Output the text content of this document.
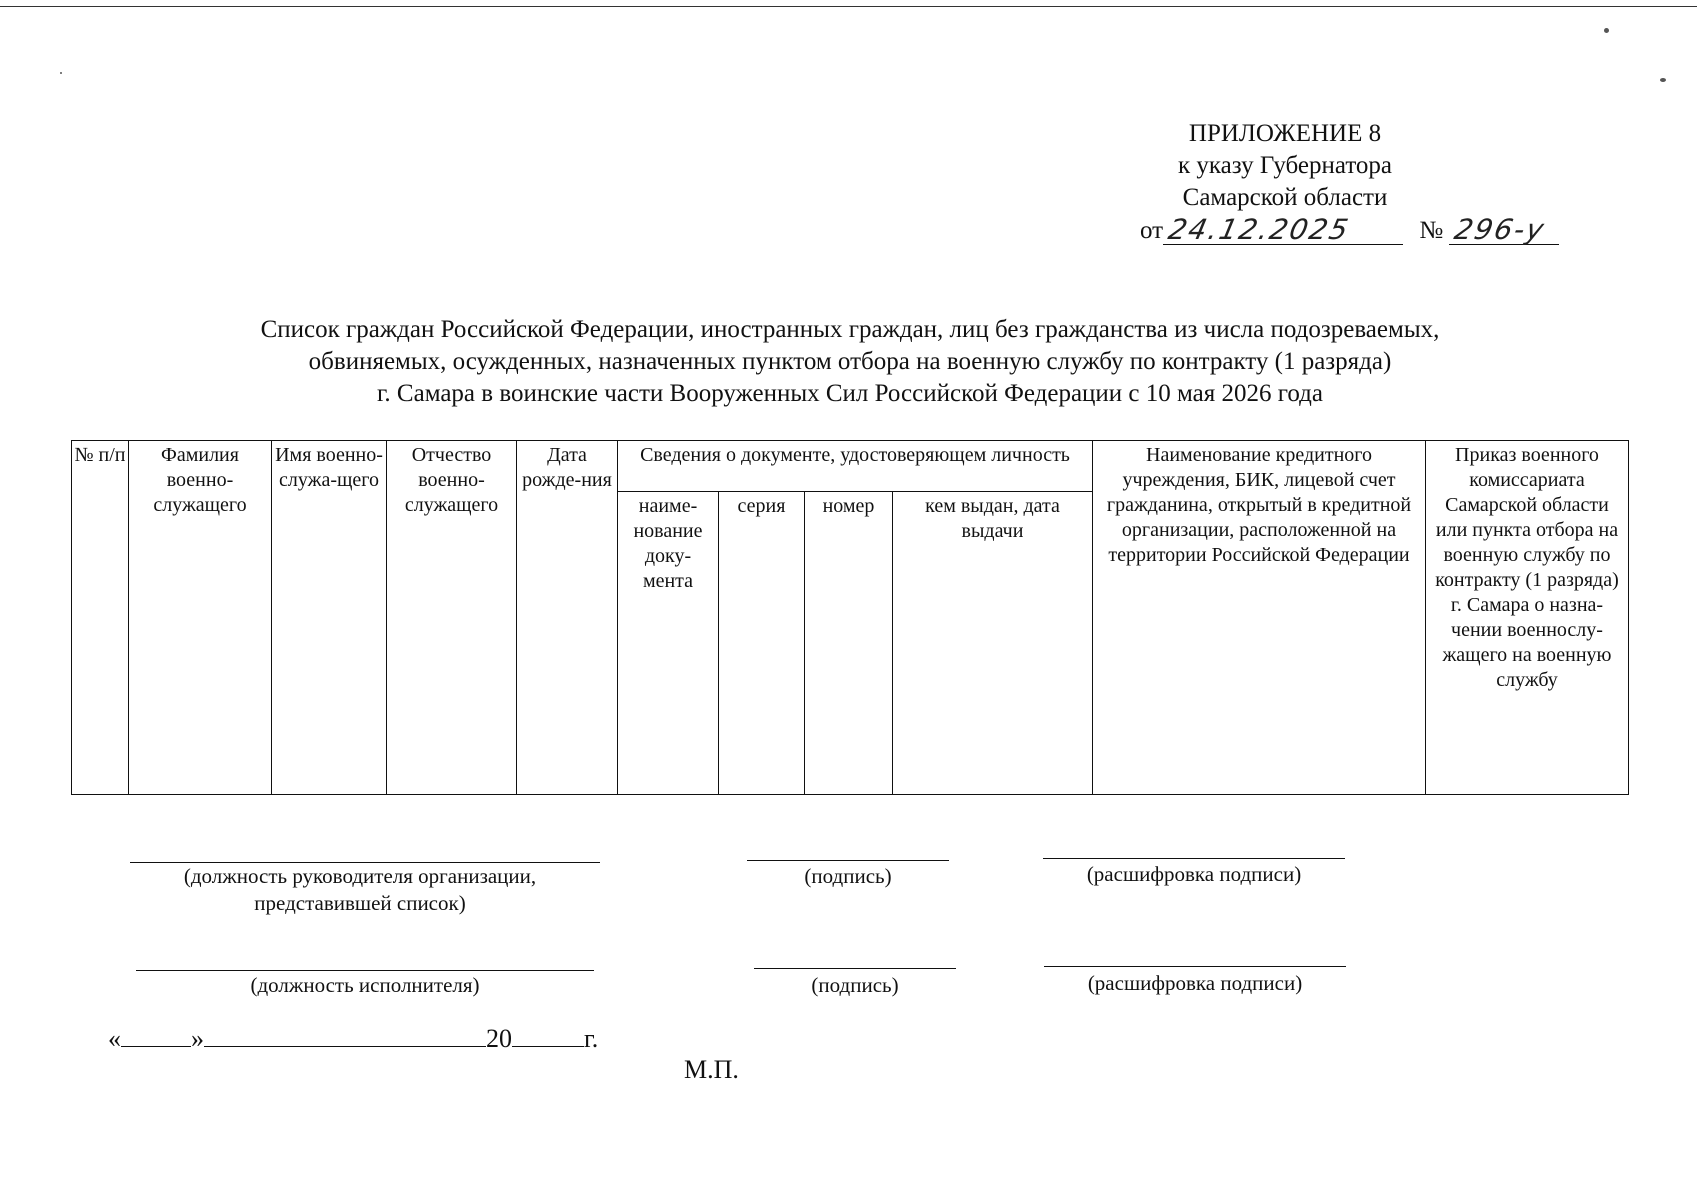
ПРИЛОЖЕНИЕ 8
к указу Губернатора
Самарской области
от 24.12.2025	№ 296-у
Список граждан Российской Федерации, иностранных граждан, лиц без гражданства из числа подозреваемых,
обвиняемых, осужденных, назначенных пунктом отбора на военную службу по контракту (1 разряда)
г. Самара в воинские части Вооруженных Сил Российской Федерации с 10 мая 2026 года
№ п/п	Фамилия военно-служащего	Имя военно-служа-щего	Отчество военно-служащего	Дата рожде-ния	Сведения о документе, удостоверяющем личность				Наименование кредитного учреждения, БИК, лицевой счет гражданина, открытый в кредитной организации, расположенной на территории Российской Федерации	Приказ военного комиссариата Самарской области или пункта отбора на военную службу по контракту (1 разряда) г. Самара о назна-чении военнослу-жащего на военную службу
					наиме-нование доку-мента	серия	номер	кем выдан, дата выдачи		
(должность руководителя организации, представившей список)
(подпись)	(расшифровка подписи)
(должность исполнителя)	(подпись)	(расшифровка подписи)
«	»	20	г.
М.П.
